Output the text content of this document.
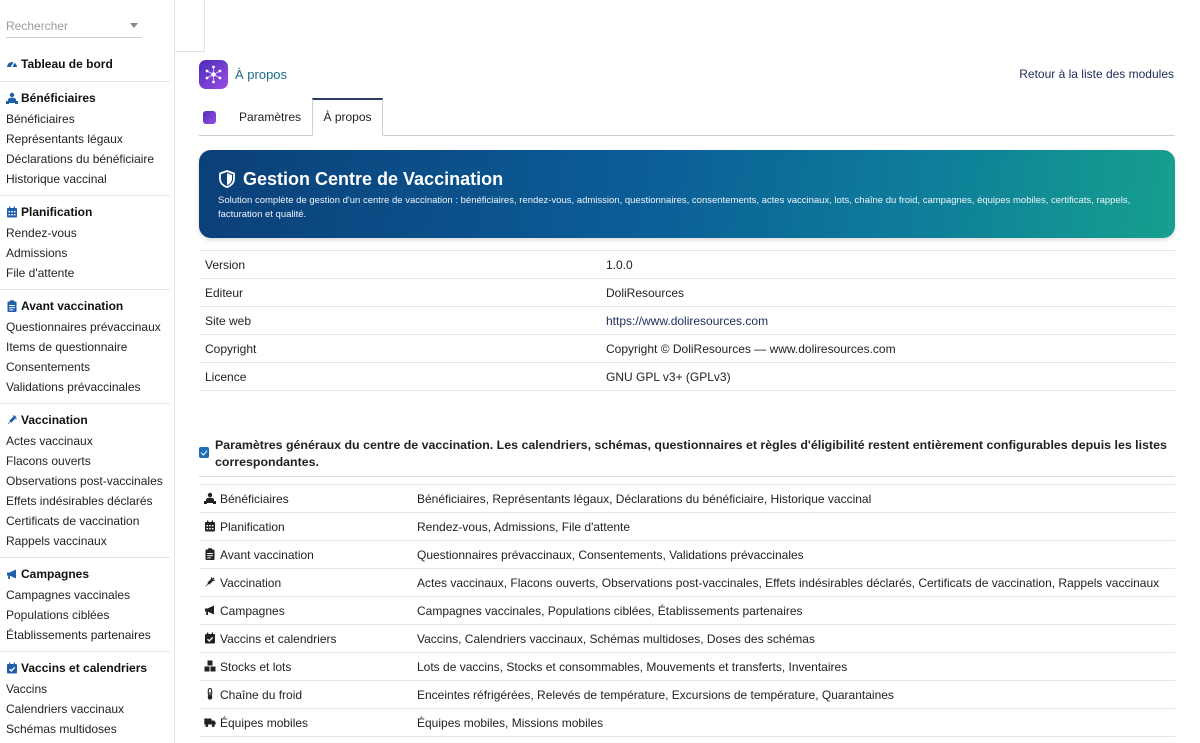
Rechercher
Tableau de bord
Bénéficiaires
Bénéficiaires
Représentants légaux
Déclarations du bénéficiaire
Historique vaccinal
Planification
Rendez-vous
Admissions
File d'attente
Avant vaccination
Questionnaires prévaccinaux
Items de questionnaire
Consentements
Validations prévaccinales
Vaccination
Actes vaccinaux
Flacons ouverts
Observations post-vaccinales
Effets indésirables déclarés
Certificats de vaccination
Rappels vaccinaux
Campagnes
Campagnes vaccinales
Populations ciblées
Établissements partenaires
Vaccins et calendriers
Vaccins
Calendriers vaccinaux
Schémas multidoses
À propos	Retour à la liste des modules
Paramètres	À propos
Gestion Centre de Vaccination
Solution complète de gestion d'un centre de vaccination : bénéficiaires, rendez-vous, admission, questionnaires, consentements, actes vaccinaux, lots, chaîne du froid, campagnes, équipes mobiles, certificats, rappels, facturation et qualité.
Version	1.0.0
Editeur	DoliResources
Site web	https://www.doliresources.com
Copyright	Copyright © DoliResources — www.doliresources.com
Licence	GNU GPL v3+ (GPLv3)
Paramètres généraux du centre de vaccination. Les calendriers, schémas, questionnaires et règles d'éligibilité restent entièrement configurables depuis les listes correspondantes.
Bénéficiaires	Bénéficiaires, Représentants légaux, Déclarations du bénéficiaire, Historique vaccinal
Planification	Rendez-vous, Admissions, File d'attente
Avant vaccination	Questionnaires prévaccinaux, Consentements, Validations prévaccinales
Vaccination	Actes vaccinaux, Flacons ouverts, Observations post-vaccinales, Effets indésirables déclarés, Certificats de vaccination, Rappels vaccinaux
Campagnes	Campagnes vaccinales, Populations ciblées, Établissements partenaires
Vaccins et calendriers	Vaccins, Calendriers vaccinaux, Schémas multidoses, Doses des schémas
Stocks et lots	Lots de vaccins, Stocks et consommables, Mouvements et transferts, Inventaires
Chaîne du froid	Enceintes réfrigérées, Relevés de température, Excursions de température, Quarantaines
Équipes mobiles	Équipes mobiles, Missions mobiles
